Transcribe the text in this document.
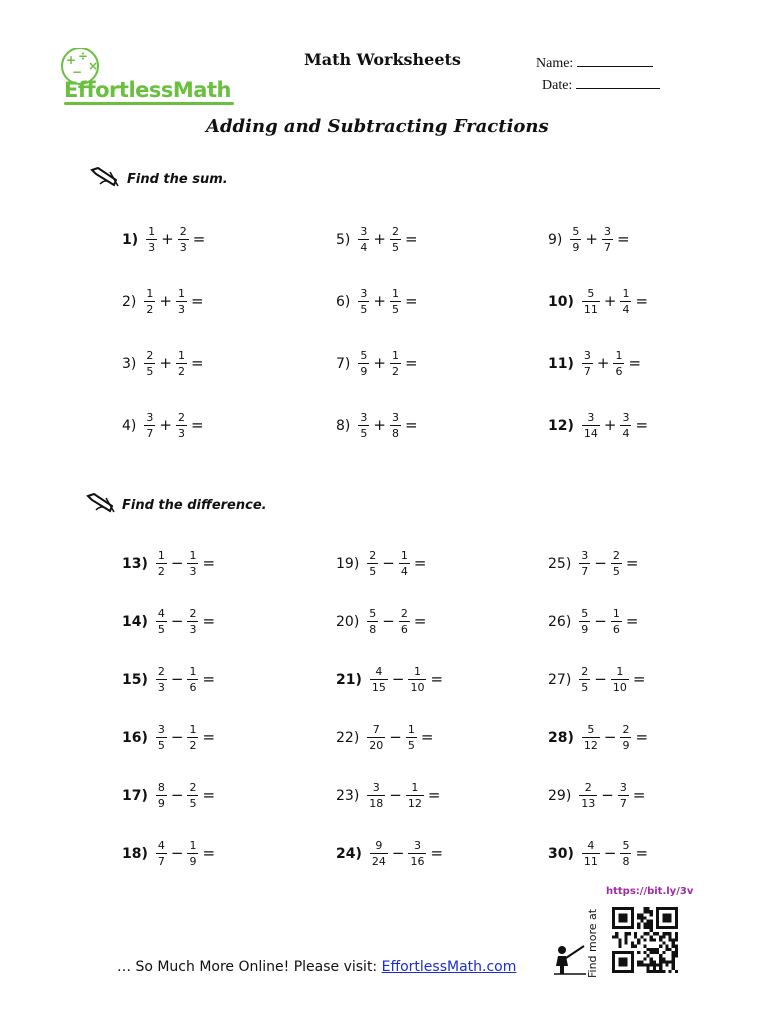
+ ÷
×
−
EffortlessMath
Math Worksheets	Name:
Date:
Adding and Subtracting Fractions
Find the sum.
Find the difference.
$1) \frac{1}{3} + \frac{2}{3}$ =
$2) \frac{1}{2} + \frac{1}{3}$ =
$3) \frac{2}{5} + \frac{1}{2}$ =
$4) \frac{3}{7} + \frac{2}{3}$ =
$5) \frac{3}{4} + \frac{2}{5}$ =
$6) \frac{3}{5} + \frac{1}{5}$ =
$7) \frac{5}{9} + \frac{1}{2}$ =
$8) \frac{3}{5} + \frac{3}{8}$ =
$9) \frac{5}{9} + \frac{3}{7}$ =
$10) \frac{5}{11} + \frac{1}{4}$ =
$11) \frac{3}{7} + \frac{1}{6}$ =
$12) \frac{3}{14} + \frac{3}{4}$ =
$13) \frac{1}{2} - \frac{1}{3}$ =
$14) \frac{4}{5} - \frac{2}{3}$ =
$15) \frac{2}{3} - \frac{1}{6}$ =
$16) \frac{3}{5} - \frac{1}{2}$ =
$17) \frac{8}{9} - \frac{2}{5}$ =
$18) \frac{4}{7} - \frac{1}{9}$ =
$19) \frac{2}{5} - \frac{1}{4}$ =
$20) \frac{5}{8} - \frac{2}{6}$ =
$21) \frac{4}{15} - \frac{1}{10}$ =
$22) \frac{7}{20} - \frac{1}{5}$ =
$23) \frac{3}{18} - \frac{1}{12}$ =
$24) \frac{9}{24} - \frac{3}{16}$ =
$25) \frac{3}{7} - \frac{2}{5}$ =
$26) \frac{5}{9} - \frac{1}{6}$ =
$27) \frac{2}{5} - \frac{1}{10}$ =
$28) \frac{5}{12} - \frac{2}{9}$ =
$29) \frac{2}{13} - \frac{3}{7}$ =
$30) \frac{4}{11} - \frac{5}{8}$ =
https://bit.ly/3v
Find more at
… So Much More Online! Please visit: EffortlessMath.com
